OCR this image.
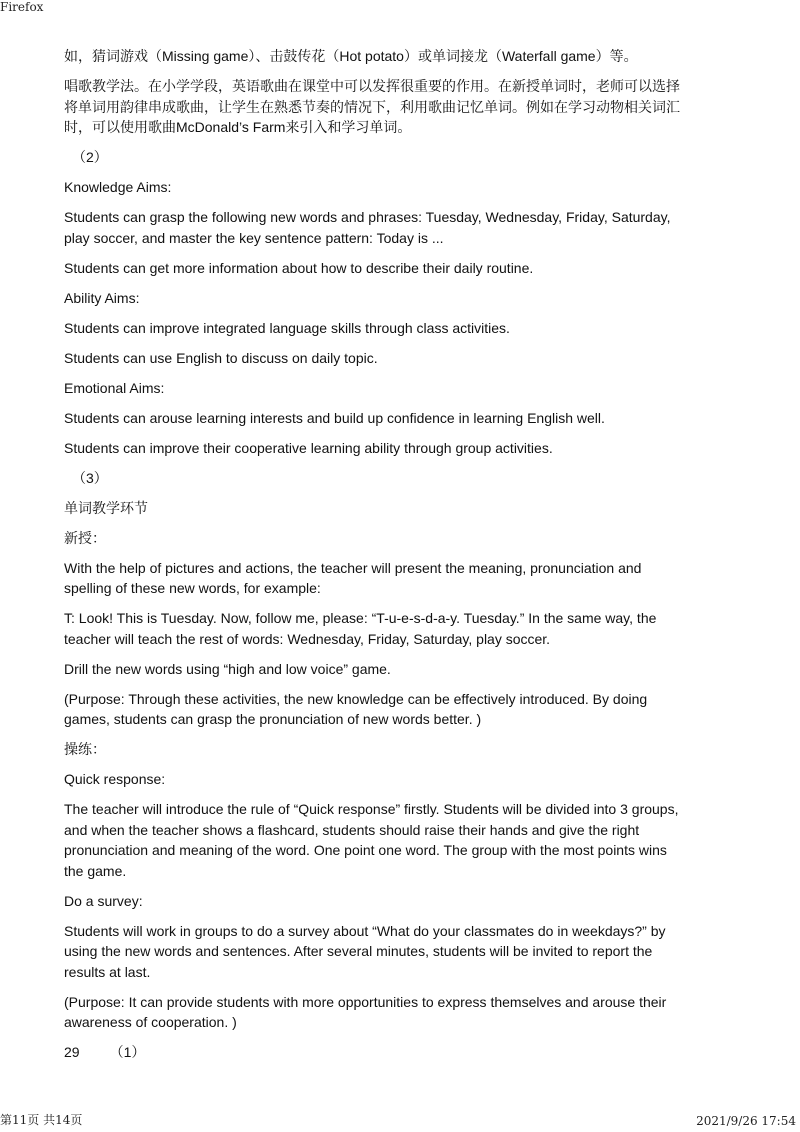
Firefox

如，猜词游戏（Missing game）、击鼓传花（Hot potato）或单词接龙（Waterfall game）等。

唱歌教学法。在小学学段，英语歌曲在课堂中可以发挥很重要的作用。在新授单词时，老师可以选择将单词用韵律串成歌曲，让学生在熟悉节奏的情况下，利用歌曲记忆单词。例如在学习动物相关词汇时，可以使用歌曲McDonald’s Farm来引入和学习单词。

（2）

Knowledge Aims:

Students can grasp the following new words and phrases: Tuesday, Wednesday, Friday, Saturday, play soccer, and master the key sentence pattern: Today is ...

Students can get more information about how to describe their daily routine.

Ability Aims:

Students can improve integrated language skills through class activities.

Students can use English to discuss on daily topic.

Emotional Aims:

Students can arouse learning interests and build up confidence in learning English well.

Students can improve their cooperative learning ability through group activities.

（3）

单词教学环节

新授：

With the help of pictures and actions, the teacher will present the meaning, pronunciation and spelling of these new words, for example:

T: Look! This is Tuesday. Now, follow me, please: “T-u-e-s-d-a-y. Tuesday.” In the same way, the teacher will teach the rest of words: Wednesday, Friday, Saturday, play soccer.

Drill the new words using “high and low voice” game.

(Purpose: Through these activities, the new knowledge can be effectively introduced. By doing games, students can grasp the pronunciation of new words better. )

操练：

Quick response:

The teacher will introduce the rule of “Quick response” firstly. Students will be divided into 3 groups, and when the teacher shows a flashcard, students should raise their hands and give the right pronunciation and meaning of the word. One point one word. The group with the most points wins the game.

Do a survey:

Students will work in groups to do a survey about “What do your classmates do in weekdays?” by using the new words and sentences. After several minutes, students will be invited to report the results at last.

(Purpose: It can provide students with more opportunities to express themselves and arouse their awareness of cooperation. )

29 （1）

第11页 共14页	2021/9/26 17:54
